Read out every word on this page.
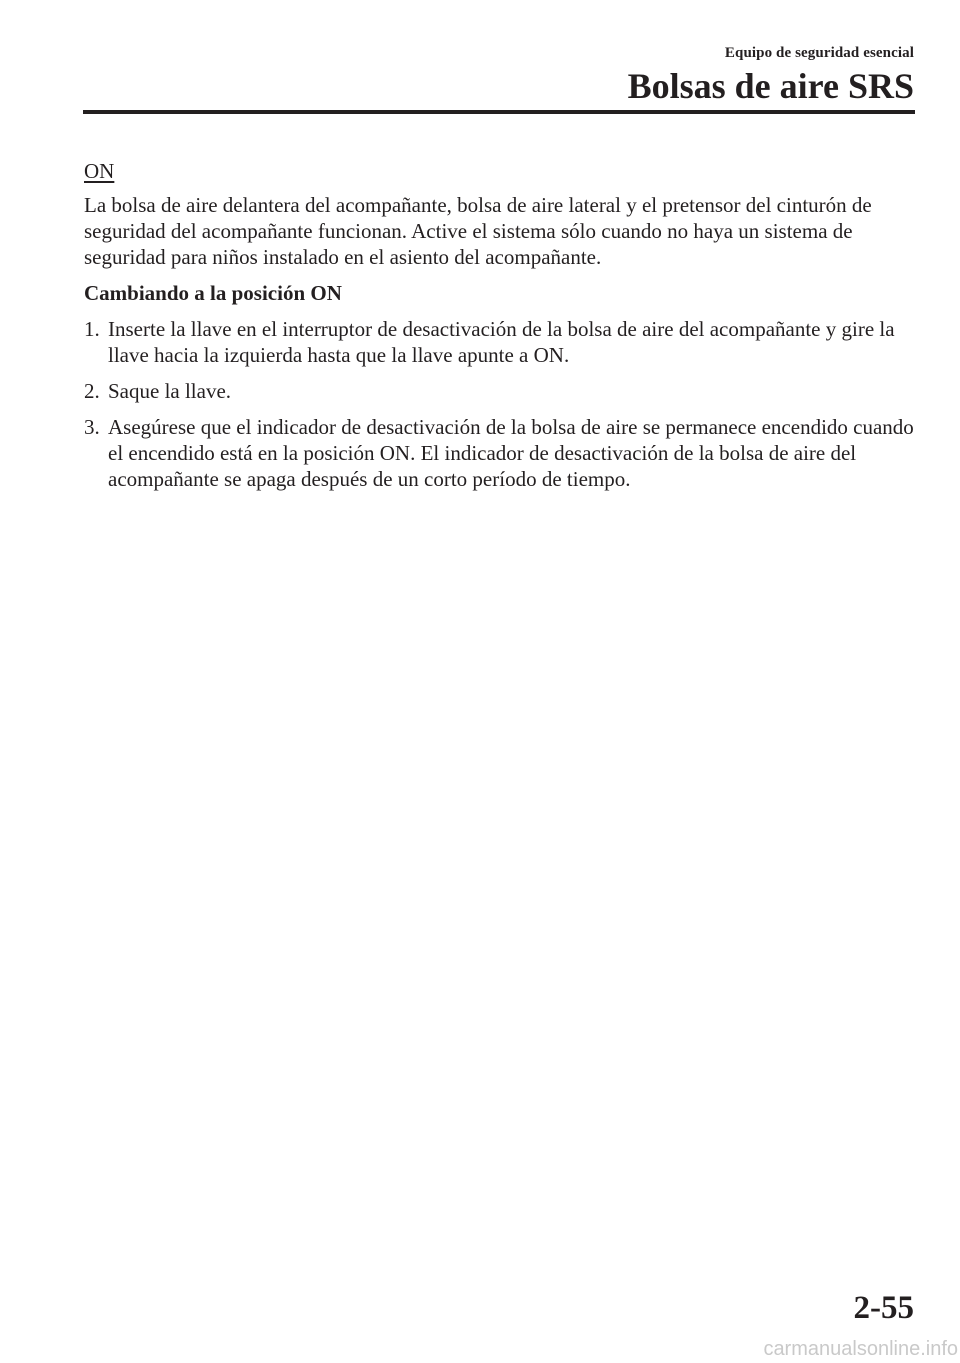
Equipo de seguridad esencial
Bolsas de aire SRS
ON

La bolsa de aire delantera del acompañante, bolsa de aire lateral y el pretensor del cinturón de seguridad del acompañante funcionan. Active el sistema sólo cuando no haya un sistema de seguridad para niños instalado en el asiento del acompañante.

Cambiando a la posición ON

1. Inserte la llave en el interruptor de desactivación de la bolsa de aire del acompañante y gire la llave hacia la izquierda hasta que la llave apunte a ON.
2. Saque la llave.
3. Asegúrese que el indicador de desactivación de la bolsa de aire se permanece encendido cuando el encendido está en la posición ON. El indicador de desactivación de la bolsa de aire del acompañante se apaga después de un corto período de tiempo.
2-55
carmanualsonline.info
